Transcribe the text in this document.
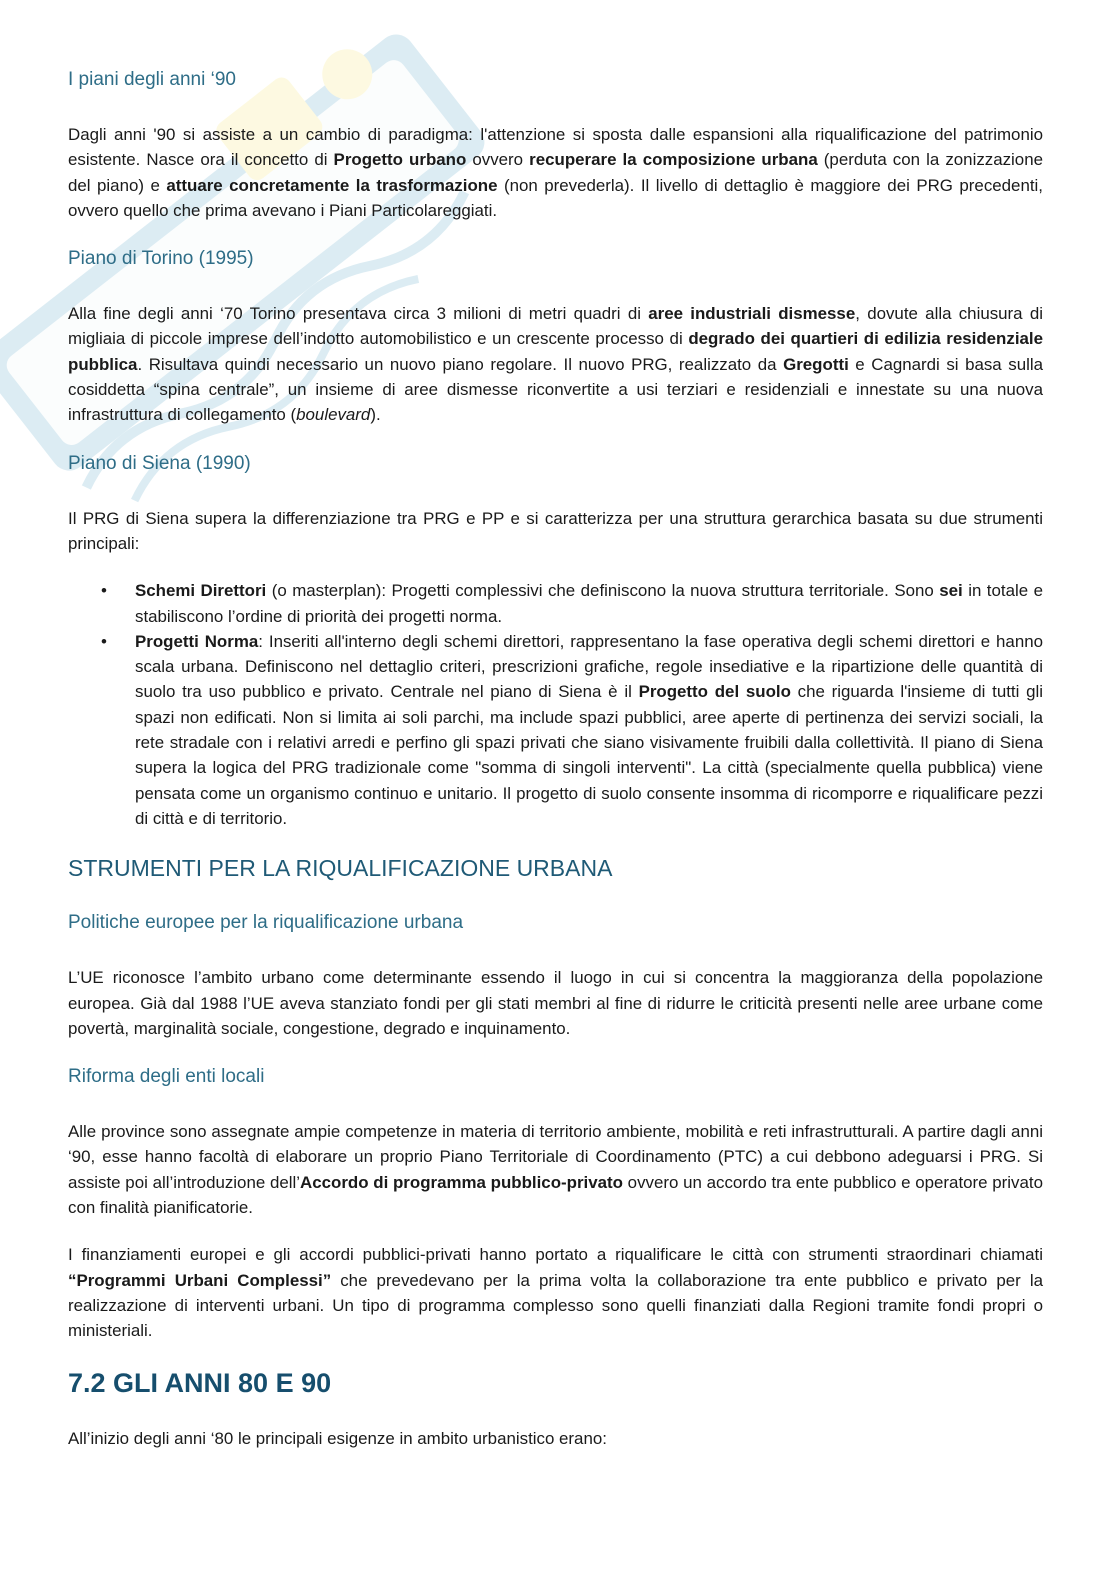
I piani degli anni ‘90

Dagli anni '90 si assiste a un cambio di paradigma: l'attenzione si sposta dalle espansioni alla riqualificazione del patrimonio esistente. Nasce ora il concetto di Progetto urbano ovvero recuperare la composizione urbana (perduta con la zonizzazione del piano) e attuare concretamente la trasformazione (non prevederla). Il livello di dettaglio è maggiore dei PRG precedenti, ovvero quello che prima avevano i Piani Particolareggiati.

Piano di Torino (1995)

Alla fine degli anni ‘70 Torino presentava circa 3 milioni di metri quadri di aree industriali dismesse, dovute alla chiusura di migliaia di piccole imprese dell’indotto automobilistico e un crescente processo di degrado dei quartieri di edilizia residenziale pubblica. Risultava quindi necessario un nuovo piano regolare. Il nuovo PRG, realizzato da Gregotti e Cagnardi si basa sulla cosiddetta “spina centrale”, un insieme di aree dismesse riconvertite a usi terziari e residenziali e innestate su una nuova infrastruttura di collegamento (boulevard).

Piano di Siena (1990)

Il PRG di Siena supera la differenziazione tra PRG e PP e si caratterizza per una struttura gerarchica basata su due strumenti principali:

• Schemi Direttori (o masterplan): Progetti complessivi che definiscono la nuova struttura territoriale. Sono sei in totale e stabiliscono l’ordine di priorità dei progetti norma.
• Progetti Norma: Inseriti all'interno degli schemi direttori, rappresentano la fase operativa degli schemi direttori e hanno scala urbana. Definiscono nel dettaglio criteri, prescrizioni grafiche, regole insediative e la ripartizione delle quantità di suolo tra uso pubblico e privato. Centrale nel piano di Siena è il Progetto del suolo che riguarda l'insieme di tutti gli spazi non edificati. Non si limita ai soli parchi, ma include spazi pubblici, aree aperte di pertinenza dei servizi sociali, la rete stradale con i relativi arredi e perfino gli spazi privati che siano visivamente fruibili dalla collettività. Il piano di Siena supera la logica del PRG tradizionale come "somma di singoli interventi". La città (specialmente quella pubblica) viene pensata come un organismo continuo e unitario. Il progetto di suolo consente insomma di ricomporre e riqualificare pezzi di città e di territorio.
STRUMENTI PER LA RIQUALIFICAZIONE URBANA
Politiche europee per la riqualificazione urbana

L’UE riconosce l’ambito urbano come determinante essendo il luogo in cui si concentra la maggioranza della popolazione europea. Già dal 1988 l’UE aveva stanziato fondi per gli stati membri al fine di ridurre le criticità presenti nelle aree urbane come povertà, marginalità sociale, congestione, degrado e inquinamento.

Riforma degli enti locali

Alle province sono assegnate ampie competenze in materia di territorio ambiente, mobilità e reti infrastrutturali. A partire dagli anni ‘90, esse hanno facoltà di elaborare un proprio Piano Territoriale di Coordinamento (PTC) a cui debbono adeguarsi i PRG. Si assiste poi all’introduzione dell’Accordo di programma pubblico-privato ovvero un accordo tra ente pubblico e operatore privato con finalità pianificatorie.

I finanziamenti europei e gli accordi pubblici-privati hanno portato a riqualificare le città con strumenti straordinari chiamati “Programmi Urbani Complessi” che prevedevano per la prima volta la collaborazione tra ente pubblico e privato per la realizzazione di interventi urbani. Un tipo di programma complesso sono quelli finanziati dalla Regioni tramite fondi propri o ministeriali.

7.2 GLI ANNI 80 E 90

All’inizio degli anni ‘80 le principali esigenze in ambito urbanistico erano:
